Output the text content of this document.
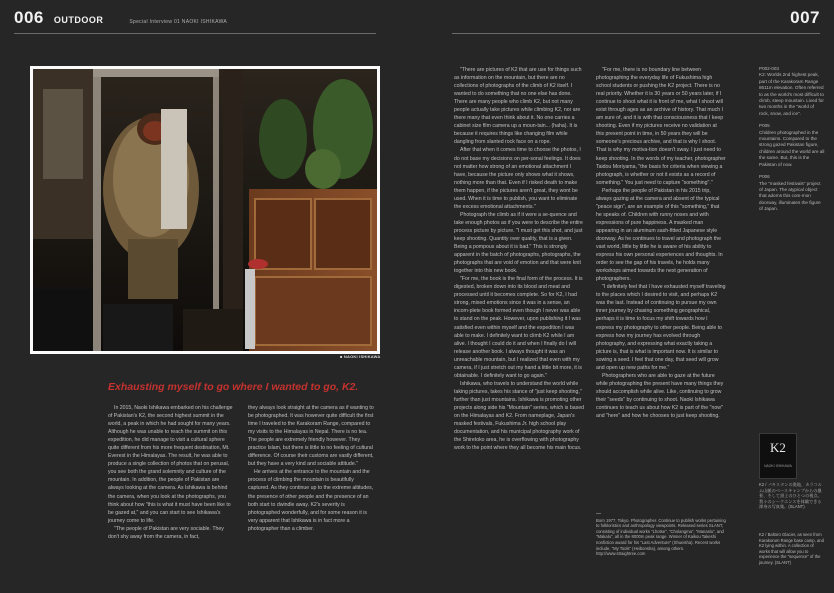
006 OUTDOOR	Special Interview 01 NAOKI ISHIKAWA	007
■ NAOKI ISHIKAWA
Exhausting myself to go where I wanted to go, K2.

In 2015, Naoki Ishikawa embarked on his challenge of Pakistan's K2, the second highest summit in the world, a peak in which he had sought for many years. Although he was unable to reach the summit on this expedition, he did manage to visit a cultural sphere quite different from his more frequent destination, Mt. Everest in the Himalayas. The result, he was able to produce a single collection of photos that on perusal, you see both the grand solemnity and culture of the mountain. In addition, the people of Pakistan are always looking at the camera. As Ishikawa is behind the camera, when you look at the photographs, you think about how "this is what it must have been like to be gazed at," and you can start to see Ishikawa's journey come to life.

"The people of Pakistan are very sociable. They don't shy away from the camera, in fact,

they always look straight at the camera as if wanting to be photographed. It was however quite difficult the first time I traveled to the Karakoram Range, compared to my visits to the Himalayas in Nepal. There is no tea. The people are extremely friendly however. They practice Islam, but there is little to no feeling of cultural difference. Of course their customs are vastly different, but they have a very kind and sociable attitude."

He arrives at the entrance to the mountain and the process of climbing the mountain is beautifully captured. As they continue up to the extreme altitudes, the presence of other people and the presence of an both start to dwindle away. K2's severity is photographed wonderfully, and for some reason it is very apparent that Ishikawa is in fact more a photographer than a climber.

"There are pictures of K2 that are use for things such as information on the mountain, but there are no collections of photographs of the climb of K2 itself. I wanted to do something that no one else has done. There are many people who climb K2, but not many people actually take pictures while climbing K2, nor are there many that even think about it. No one carries a cabinet size film camera up a moun-tain... (haha). It is because it requires things like changing film while dangling from slanted rock face on a rope.

After that when it comes time to choose the photos, I do not base my decisions on per-sonal feelings. It does not matter how strong of an emotional attachment I have, because the picture only shows what it shows, nothing more than that. Even if I risked death to make them happen, if the pictures aren't great, they wont be used. When it is time to publish, you want to eliminate the excess emotional attachments."

Photograph the climb as if it were a se-quence and take enough photos as if you were to describe the entire process picture by picture. "I must get this shot, and just keep shooting. Quantity over quality, that is a given. Being a pompous about it is bad." This is strongly apparent in the batch of photographs, photographs, the photographs that are void of emotion and that were knit together into this new book.

"For me, the book is the final form of the process. It is digested, broken down into its blood and meat and processed until it becomes complete. So for K2, I had strong, mixed emotions since it was in a sense, an incom-plete book formed even though I never was able to stand on the peak. However, upon publishing it I was satisfied even within myself and the expedition I was able to make. I definitely want to climb K2 while I am alive. I thought I could do it and when I finally do I will release another book. I always thought it was an unreachable mountain, but I realized that even with my camera, if I just stretch out my hand a little bit more, it is obtainable. I definitely want to go again."

Ishikawa, who travels to understand the world while taking pictures, takes his stance of "just keep shooting," further than just mountains. Ishikawa is promoting other projects along side his "Mountain" series, which is based on the Himalayas and K2. From nameplage, Japan's masked festivals, Fukushima Jr. high school play documentation, and his municipal photography work of the Shiretoko area, he is overflowing with photography work to the point where they all become his main focus.

"For me, there is no boundary line between photographing the everyday life of Fukushima high school students or pushing the K2 project. There is no real priority. Whether it is 30 years or 50 years later, if I continue to shoot what it is front of me, what I shoot will exist through ages as an archive of history. That much I am sure of, and it is with that consciousness that I keep shooting. Even if my pictures receive no validation at this present point in time, in 50 years they will be someone's precious archive, and that is why I shoot. That is why my motiva-tion doesn't sway. I just need to keep shooting. In the words of my teacher, photographer Taidou Moriyama, "the basis for criteria when viewing a photograph, is whether or not it exists as a record of something." You just need to capture "something"."

Perhaps the people of Pakistan in his 2015 trip, always gazing at the camera and absent of the typical "peace sign", are an example of this "something," that he speaks of. Children with runny noses and with expressions of pure happiness. A masked man appearing in an aluminum sash-fitted Japanese style doorway. As he continues to travel and photograph the vast world, little by little he is aware of his ability to express his own personal experiences and thoughts. In order to see the gap of his travels, he holds many workshops aimed towards the next generation of photographers.

"I definitely feel that I have exhausted myself traveling to the places which I desired to visit, and perhaps K2 was the last. Instead of continuing to pursue my own inner journey by chasing something geographical, perhaps it is time to focus my shift towards how I express my photography to other people. Being able to express how my journey has evolved through photography, and expressing what exactly taking a picture is, that is what is important now. It is similar to sowing a seed. I feel that one day, that seed will grow and open up new paths for me."

Photographers who are able to gaze at the future while photographing the present have many things they should accomplish while alive. Like, continuing to grow their "seeds" by continuing to shoot. Naoki Ishikawa continues to teach us about how K2 is part of the "now" and "here" and how he chooses to just keep shooting.

—

Born 1977, Tokyo. Photographer. Continue to publish works pertaining to folkloristics and anthropology viewpoints. Released series SLANT, consisting of individual works "Lhotse", "Cholangma", "Manaslu", and "Makalu", all in the 8000m peak range. Winner of Kaikou Takeshi nonfiction award for his "Last Adventure" (Shueisha). Recent works include, "My Tools" (Heibonsha), among others.

http://www.straightree.com

P002-003
K2: Worlds 2nd highest peak, part of the Karakoram Range 8611m elevation. Often referred to as the world's most difficult to climb, steep mountain. Lived for two months in the "world of rock, snow, and ice".

P005
Children photographed in the mountains. Compared to the strong gazed Pakistan figure, children around the world are all the same. But, this is the Pakistan of now.

P006
The "masked festivals" project of Japan. The atypical object that adorns this com-mon doorway, illuminates the figure of Japan.

K2
NAOKI ISHIKAWA
K2 / パキスタンの奥地、カラコルム山脈のベースキャンプからの風景、そして頂上のひとつの視点。我々のシークエンスを体験できる渾身の写真集。(SLANT)
K2 / Baltoro Glacier, as seen from Karakorum Range base camp, and K2 lying within. A collection of works that will allow you to experience the "sequence" of the journey. (SLANT)
